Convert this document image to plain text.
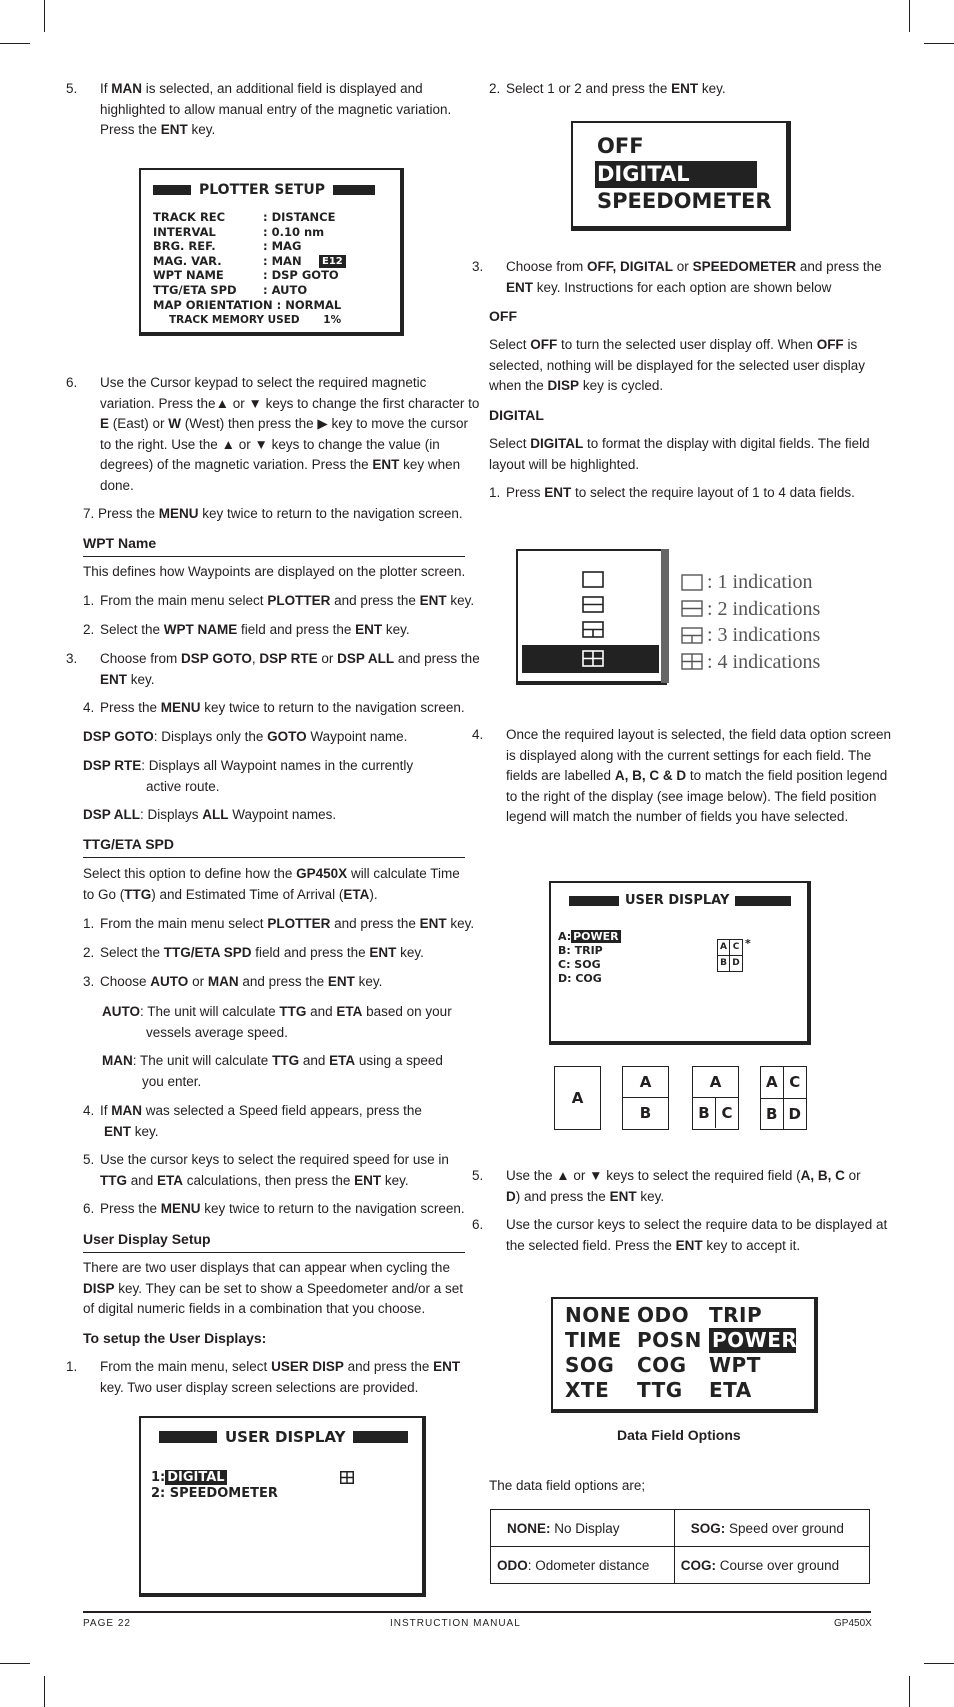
5. If MAN is selected, an additional field is displayed and highlighted to allow manual entry of the magnetic variation. Press the ENT key.

PLOTTER SETUP
TRACK REC	: DISTANCE
INTERVAL	: 0.10 nm
BRG. REF.	: MAG
MAG. VAR.	: MAN
WPT NAME	: DSP GOTO
TTG/ETA SPD	: AUTO
E12
MAP ORIENTATION : NORMAL
TRACK MEMORY USED 1%

6. Use the Cursor keypad to select the required magnetic variation. Press the▲ or ▼ keys to change the first character to E (East) or W (West) then press the ▶ key to move the cursor to the right. Use the ▲ or ▼ keys to change the value (in degrees) of the magnetic variation. Press the ENT key when done.

7. Press the MENU key twice to return to the navigation screen.

WPT Name

This defines how Waypoints are displayed on the plotter screen.

1. From the main menu select PLOTTER and press the ENT key.

2. Select the WPT NAME field and press the ENT key.

3. Choose from DSP GOTO, DSP RTE or DSP ALL and press the ENT key.

4. Press the MENU key twice to return to the navigation screen.

DSP GOTO: Displays only the GOTO Waypoint name.

DSP RTE: Displays all Waypoint names in the currently
active route.

DSP ALL: Displays ALL Waypoint names.

TTG/ETA SPD

Select this option to define how the GP450X will calculate Time to Go (TTG) and Estimated Time of Arrival (ETA).

1. From the main menu select PLOTTER and press the ENT key.

2. Select the TTG/ETA SPD field and press the ENT key.

3. Choose AUTO or MAN and press the ENT key.

AUTO: The unit will calculate TTG and ETA based on your
vessels average speed.

MAN: The unit will calculate TTG and ETA using a speed
you enter.

4. If MAN was selected a Speed field appears, press the
ENT key.

5. Use the cursor keys to select the required speed for use in
TTG and ETA calculations, then press the ENT key.

6. Press the MENU key twice to return to the navigation screen.

User Display Setup

There are two user displays that can appear when cycling the DISP key. They can be set to show a Speedometer and/or a set of digital numeric fields in a combination that you choose.

To setup the User Displays:

1. From the main menu, select USER DISP and press the ENT key. Two user display screen selections are provided.

USER DISPLAY
1: DIGITAL
2: SPEEDOMETER

2. Select 1 or 2 and press the ENT key.

OFF
DIGITAL
SPEEDOMETER

3. Choose from OFF, DIGITAL or SPEEDOMETER and press the ENT key. Instructions for each option are shown below

OFF

Select OFF to turn the selected user display off. When OFF is selected, nothing will be displayed for the selected user display when the DISP key is cycled.

DIGITAL

Select DIGITAL to format the display with digital fields. The field layout will be highlighted.

1. Press ENT to select the require layout of 1 to 4 data fields.

: 1 indication
: 2 indications
: 3 indications
: 4 indications

4. Once the required layout is selected, the field data option screen is displayed along with the current settings for each field. The fields are labelled A, B, C & D to match the field position legend to the right of the display (see image below). The field position legend will match the number of fields you have selected.

USER DISPLAY
A: POWER
B: TRIP
C: SOG
D: COG
A C
B D
*
A
A
B
A
B C
A C
B D

5. Use the ▲ or ▼ keys to select the required field (A, B, C or
D) and press the ENT key.

6. Use the cursor keys to select the require data to be displayed at the selected field. Press the ENT key to accept it.

NONE ODO TRIP
TIME POSN POWER
SOG	COG	WPT
XTE	TTG	ETA
Data Field Options

The data field options are;

NONE: No Display	SOG: Speed over ground
ODO: Odometer distance	COG: Course over ground
PAGE 22	INSTRUCTION MANUAL	GP450X
